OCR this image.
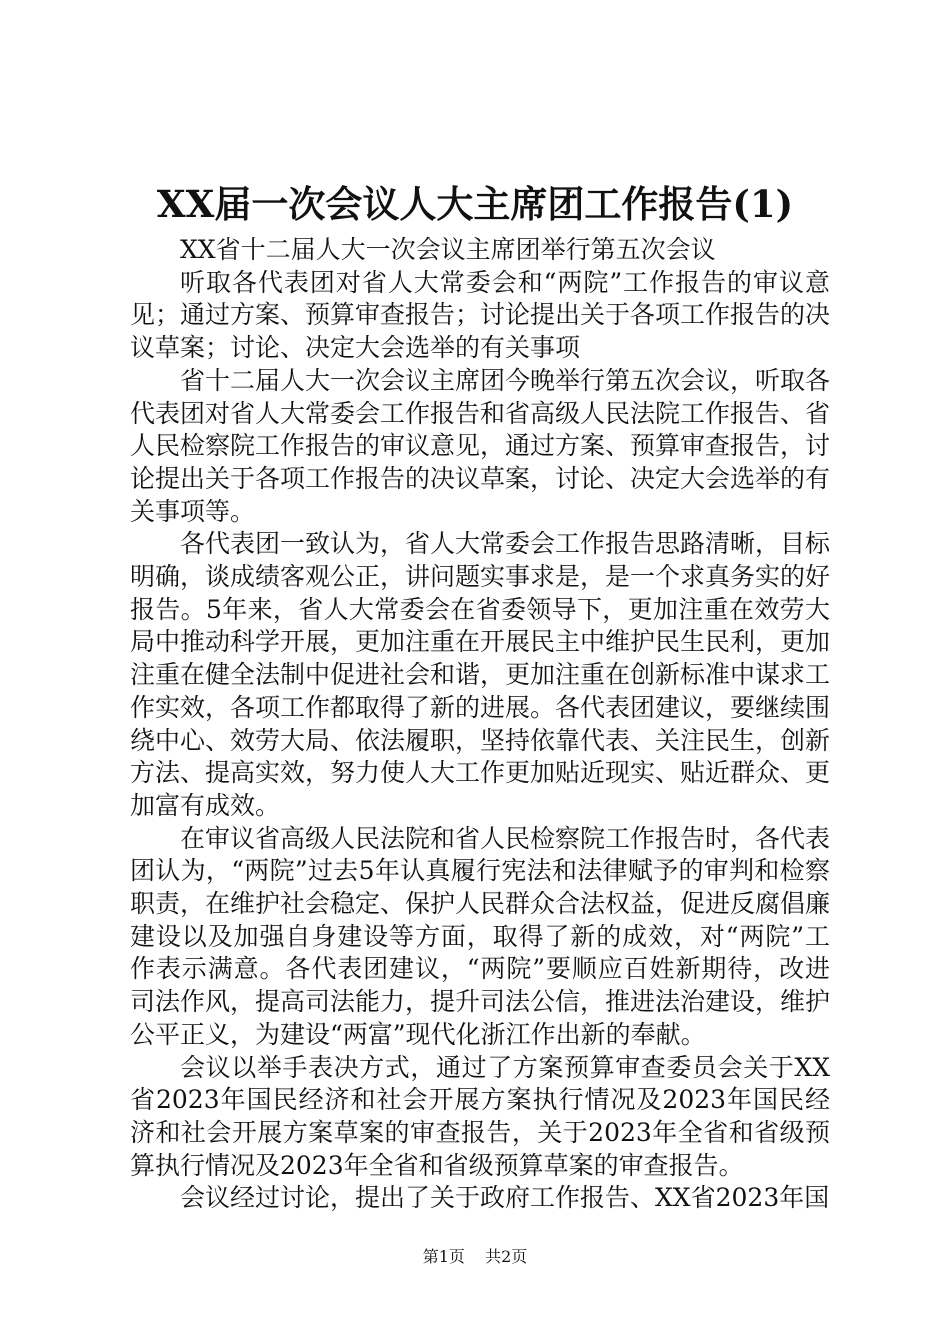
XX届一次会议人大主席团工作报告(1)

XX省十二届人大一次会议主席团举行第五次会议

听取各代表团对省人大常委会和“两院”工作报告的审议意见；通过方案、预算审查报告；讨论提出关于各项工作报告的决议草案；讨论、决定大会选举的有关事项

省十二届人大一次会议主席团今晚举行第五次会议，听取各代表团对省人大常委会工作报告和省高级人民法院工作报告、省人民检察院工作报告的审议意见，通过方案、预算审查报告，讨论提出关于各项工作报告的决议草案，讨论、决定大会选举的有关事项等。

各代表团一致认为，省人大常委会工作报告思路清晰，目标明确，谈成绩客观公正，讲问题实事求是，是一个求真务实的好报告。5年来，省人大常委会在省委领导下，更加注重在效劳大局中推动科学开展，更加注重在开展民主中维护民生民利，更加注重在健全法制中促进社会和谐，更加注重在创新标准中谋求工作实效，各项工作都取得了新的进展。各代表团建议，要继续围绕中心、效劳大局、依法履职，坚持依靠代表、关注民生，创新方法、提高实效，努力使人大工作更加贴近现实、贴近群众、更加富有成效。

在审议省高级人民法院和省人民检察院工作报告时，各代表团认为，“两院”过去5年认真履行宪法和法律赋予的审判和检察职责，在维护社会稳定、保护人民群众合法权益，促进反腐倡廉建设以及加强自身建设等方面，取得了新的成效，对“两院”工作表示满意。各代表团建议，“两院”要顺应百姓新期待，改进司法作风，提高司法能力，提升司法公信，推进法治建设，维护公平正义，为建设“两富”现代化浙江作出新的奉献。

会议以举手表决方式，通过了方案预算审查委员会关于XX省2023年国民经济和社会开展方案执行情况及2023年国民经济和社会开展方案草案的审查报告，关于2023年全省和省级预算执行情况及2023年全省和省级预算草案的审查报告。

会议经过讨论，提出了关于政府工作报告、XX省2023年国

第1页 共2页
